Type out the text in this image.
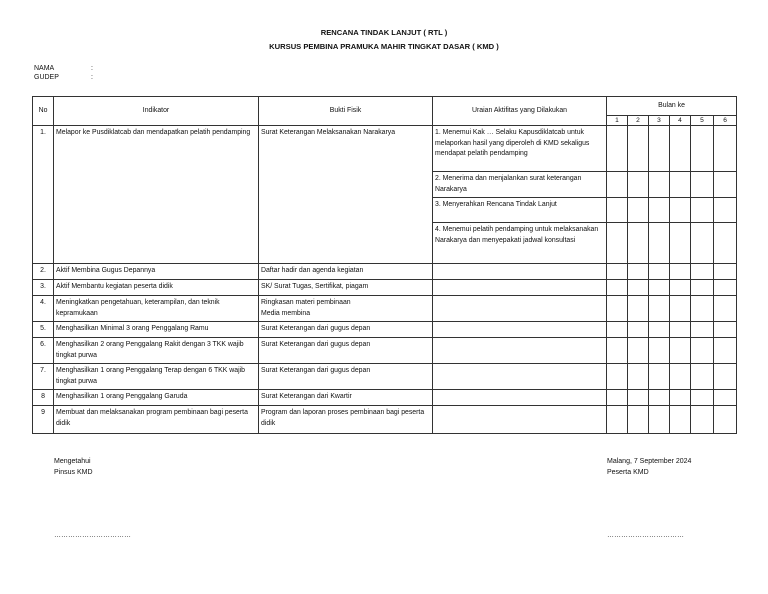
RENCANA TINDAK LANJUT ( RTL )
KURSUS PEMBINA PRAMUKA MAHIR TINGKAT DASAR ( KMD )
NAMA	:
GUDEP	:
No	Indikator	Bukti Fisik	Uraian Aktifitas yang Dilakukan	Bulan ke					
				1	2	3	4	5	6
1.	Melapor ke Pusdiklatcab dan mendapatkan pelatih pendamping	Surat Keterangan Melaksanakan Narakarya	1. Menemui Kak … Selaku Kapusdiklatcab untuk melaporkan hasil yang diperoleh di KMD sekaligus mendapat pelatih pendamping						
			2. Menerima dan menjalankan surat keterangan Narakarya						
			3. Menyerahkan Rencana Tindak Lanjut						
			4. Menemui pelatih pendamping untuk melaksanakan Narakarya dan menyepakati jadwal konsultasi						
2.	Aktif Membina Gugus Depannya	Daftar hadir dan agenda kegiatan							
3.	Aktif Membantu kegiatan peserta didik	SK/ Surat Tugas, Sertifikat, piagam							
4.	Meningkatkan pengetahuan, keterampilan, dan teknik kepramukaan	Ringkasan materi pembinaan
Media membina							
5.	Menghasilkan Minimal 3 orang Penggalang Ramu	Surat Keterangan dari gugus depan							
6.	Menghasilkan 2 orang Penggalang Rakit dengan 3 TKK wajib tingkat purwa	Surat Keterangan dari gugus depan							
7.	Menghasilkan 1 orang Penggalang Terap dengan 6 TKK wajib tingkat purwa	Surat Keterangan dari gugus depan							
8	Menghasilkan 1 orang Penggalang Garuda	Surat Keterangan dari Kwartir							
9	Membuat dan melaksanakan program pembinaan bagi peserta didik	Program dan laporan proses pembinaan bagi peserta didik							
Mengetahui
Pinsus KMD
……………………………
Malang, 7 September 2024
Peserta KMD
……………………………
